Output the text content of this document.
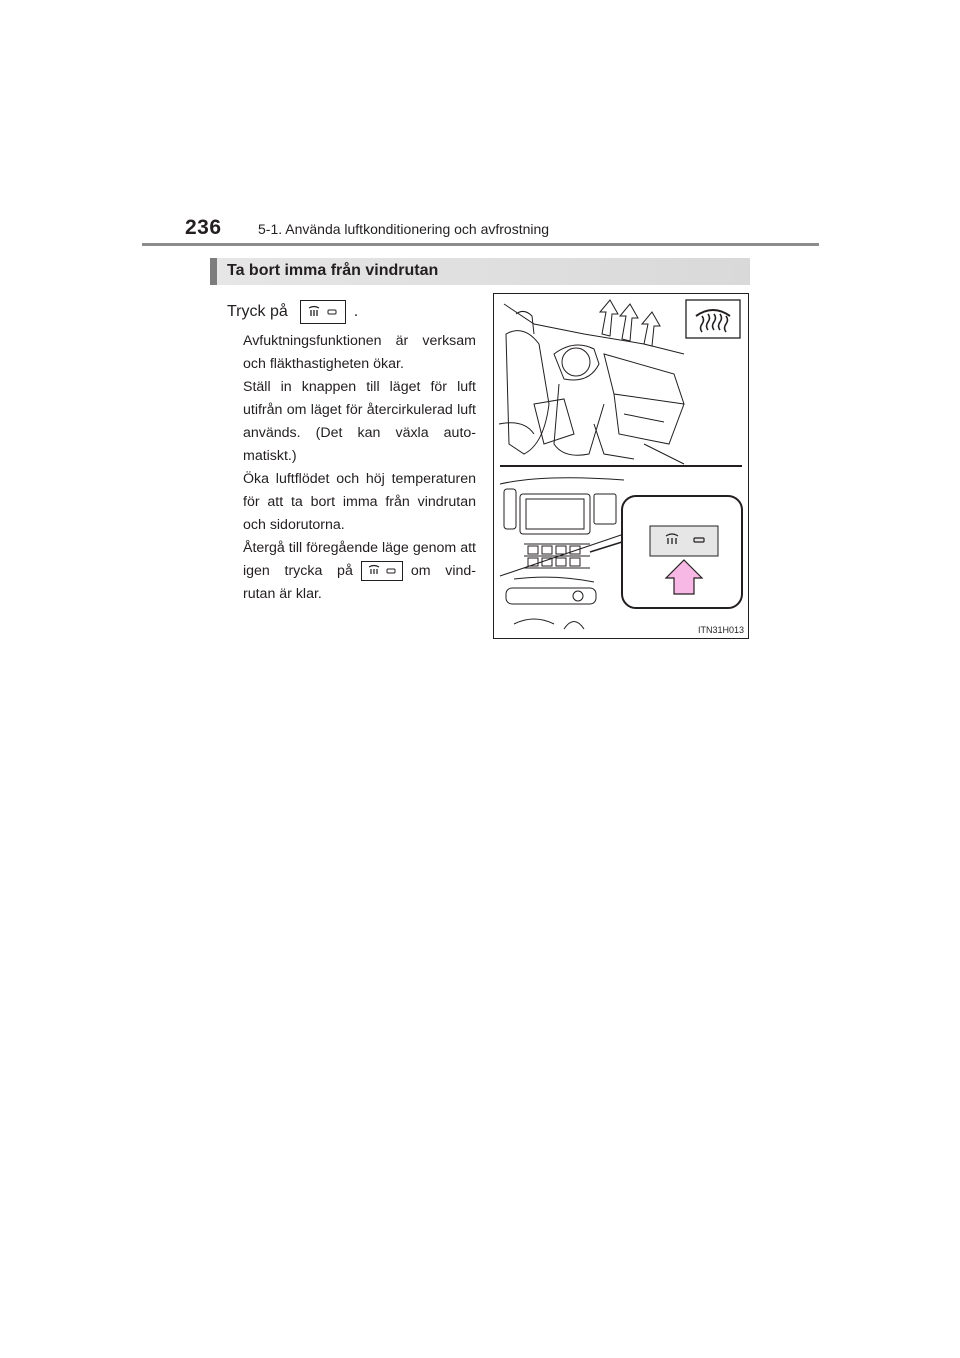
236	5-1. Använda luftkonditionering och avfrostning
Ta bort imma från vindrutan
Tryck på	.

Avfuktningsfunktionen är verksam och fläkthastigheten ökar.

Ställ in knappen till läget för luft utifrån om läget för återcirkulerad luft används. (Det kan växla auto-matiskt.)

Öka luftflödet och höj temperaturen för att ta bort imma från vindrutan och sidorutorna.

Återgå till föregående läge genom att igen trycka på	om vind-rutan är klar.

ITN31H013
